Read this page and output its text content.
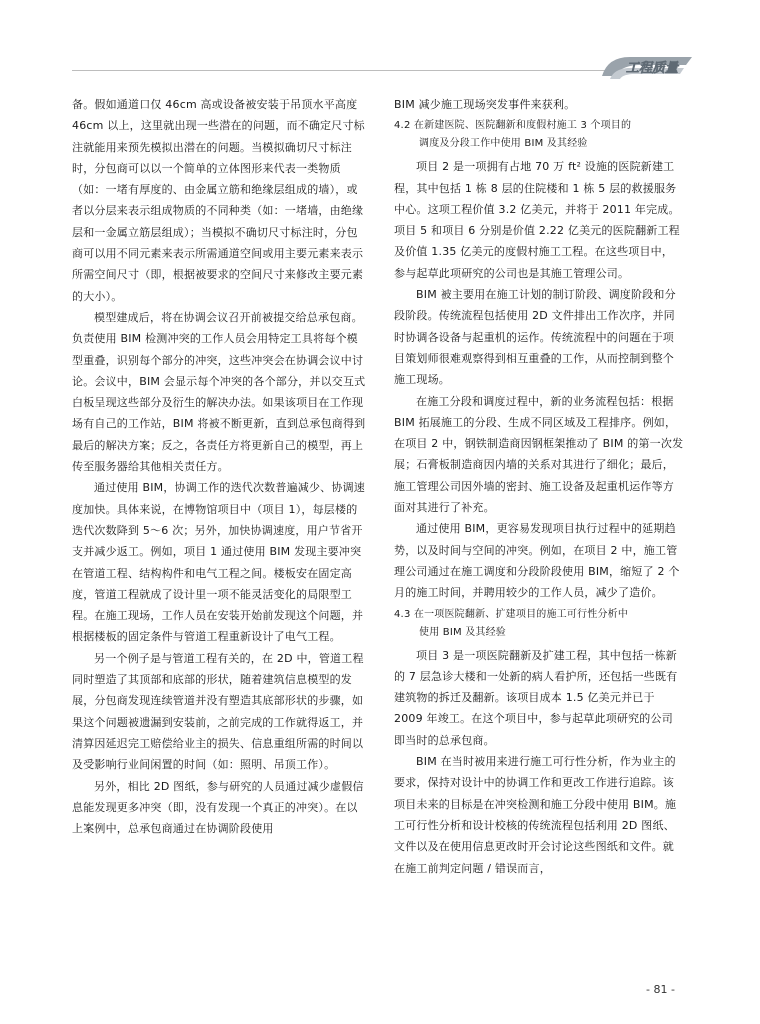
工程质量

备。假如通道口仅 46cm 高或设备被安装于吊顶水平高度 46cm 以上，这里就出现一些潜在的问题，而不确定尺寸标注就能用来预先模拟出潜在的问题。当模拟确切尺寸标注时，分包商可以以一个简单的立体图形来代表一类物质（如：一堵有厚度的、由金属立筋和绝缘层组成的墙），或者以分层来表示组成物质的不同种类（如：一堵墙，由绝缘层和一金属立筋层组成）；当模拟不确切尺寸标注时，分包商可以用不同元素来表示所需通道空间或用主要元素来表示所需空间尺寸（即，根据被要求的空间尺寸来修改主要元素的大小）。

模型建成后，将在协调会议召开前被提交给总承包商。负责使用 BIM 检测冲突的工作人员会用特定工具将每个模型重叠，识别每个部分的冲突，这些冲突会在协调会议中讨论。会议中，BIM 会显示每个冲突的各个部分，并以交互式白板呈现这些部分及衍生的解决办法。如果该项目在工作现场有自己的工作站，BIM 将被不断更新，直到总承包商得到最后的解决方案；反之，各责任方将更新自己的模型，再上传至服务器给其他相关责任方。

通过使用 BIM，协调工作的迭代次数普遍减少、协调速度加快。具体来说，在博物馆项目中（项目 1），每层楼的迭代次数降到 5～6 次；另外，加快协调速度，用户节省开支并减少返工。例如，项目 1 通过使用 BIM 发现主要冲突在管道工程、结构构件和电气工程之间。楼板安在固定高度，管道工程就成了设计里一项不能灵活变化的局限型工程。在施工现场，工作人员在安装开始前发现这个问题，并根据楼板的固定条件与管道工程重新设计了电气工程。

另一个例子是与管道工程有关的，在 2D 中，管道工程同时塑造了其顶部和底部的形状，随着建筑信息模型的发展，分包商发现连续管道并没有塑造其底部形状的步骤，如果这个问题被遗漏到安装前，之前完成的工作就得返工，并清算因延迟完工赔偿给业主的损失、信息重组所需的时间以及受影响行业间闲置的时间（如：照明、吊顶工作）。

另外，相比 2D 图纸，参与研究的人员通过减少虚假信息能发现更多冲突（即，没有发现一个真正的冲突）。在以上案例中，总承包商通过在协调阶段使用

BIM 减少施工现场突发事件来获利。

4.2 在新建医院、医院翻新和度假村施工 3 个项目的
调度及分段工作中使用 BIM 及其经验

项目 2 是一项拥有占地 70 万 ft² 设施的医院新建工程，其中包括 1 栋 8 层的住院楼和 1 栋 5 层的救援服务中心。这项工程价值 3.2 亿美元，并将于 2011 年完成。项目 5 和项目 6 分别是价值 2.22 亿美元的医院翻新工程及价值 1.35 亿美元的度假村施工工程。在这些项目中，参与起草此项研究的公司也是其施工管理公司。

BIM 被主要用在施工计划的制订阶段、调度阶段和分段阶段。传统流程包括使用 2D 文件排出工作次序，并同时协调各设备与起重机的运作。传统流程中的问题在于项目策划师很难观察得到相互重叠的工作，从而控制到整个施工现场。

在施工分段和调度过程中，新的业务流程包括：根据 BIM 拓展施工的分段、生成不同区域及工程排序。例如，在项目 2 中，钢铁制造商因钢框架推动了 BIM 的第一次发展；石膏板制造商因内墙的关系对其进行了细化；最后，施工管理公司因外墙的密封、施工设备及起重机运作等方面对其进行了补充。

通过使用 BIM，更容易发现项目执行过程中的延期趋势，以及时间与空间的冲突。例如，在项目 2 中，施工管理公司通过在施工调度和分段阶段使用 BIM，缩短了 2 个月的施工时间，并聘用较少的工作人员，减少了造价。

4.3 在一项医院翻新、扩建项目的施工可行性分析中
使用 BIM 及其经验

项目 3 是一项医院翻新及扩建工程，其中包括一栋新的 7 层急诊大楼和一处新的病人看护所，还包括一些既有建筑物的拆迁及翻新。该项目成本 1.5 亿美元并已于 2009 年竣工。在这个项目中，参与起草此项研究的公司即当时的总承包商。

BIM 在当时被用来进行施工可行性分析，作为业主的要求，保持对设计中的协调工作和更改工作进行追踪。该项目未来的目标是在冲突检测和施工分段中使用 BIM。施工可行性分析和设计校核的传统流程包括利用 2D 图纸、文件以及在使用信息更改时开会讨论这些图纸和文件。就在施工前判定问题 / 错误而言，

- 81 -
